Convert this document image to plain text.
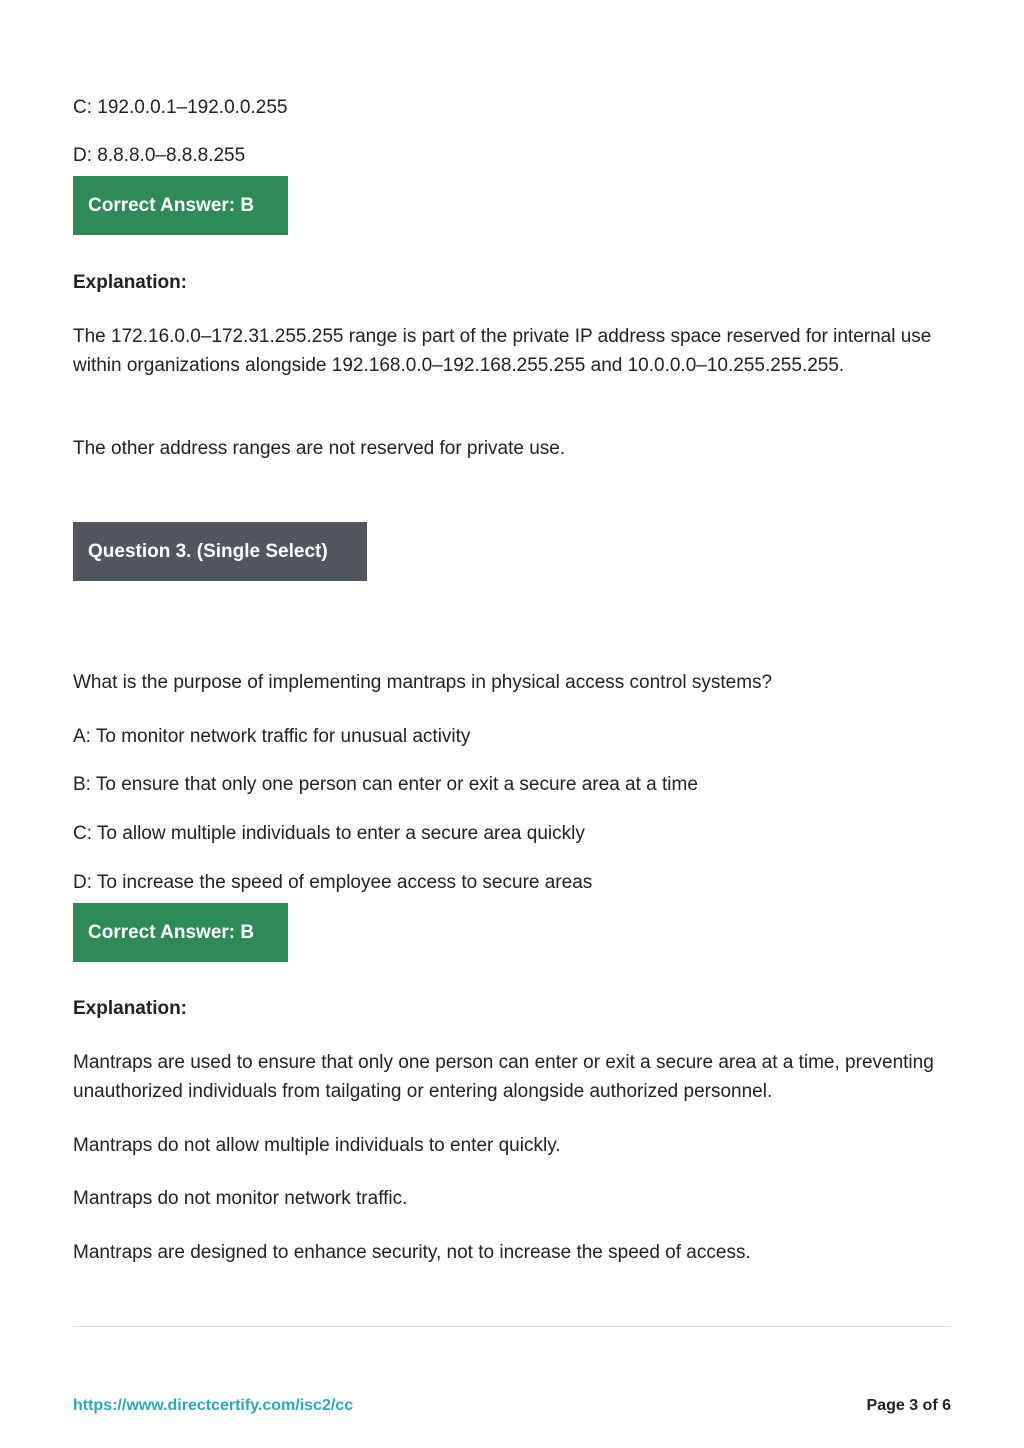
C: 192.0.0.1–192.0.0.255
D: 8.8.8.0–8.8.8.255
Correct Answer: B
Explanation:
The 172.16.0.0–172.31.255.255 range is part of the private IP address space reserved for internal use within organizations alongside 192.168.0.0–192.168.255.255 and 10.0.0.0–10.255.255.255.
The other address ranges are not reserved for private use.
Question 3. (Single Select)
What is the purpose of implementing mantraps in physical access control systems?
A: To monitor network traffic for unusual activity
B: To ensure that only one person can enter or exit a secure area at a time
C: To allow multiple individuals to enter a secure area quickly
D: To increase the speed of employee access to secure areas
Correct Answer: B
Explanation:
Mantraps are used to ensure that only one person can enter or exit a secure area at a time, preventing unauthorized individuals from tailgating or entering alongside authorized personnel.
Mantraps do not allow multiple individuals to enter quickly.
Mantraps do not monitor network traffic.
Mantraps are designed to enhance security, not to increase the speed of access.
https://www.directcertify.com/isc2/cc	Page 3 of 6
